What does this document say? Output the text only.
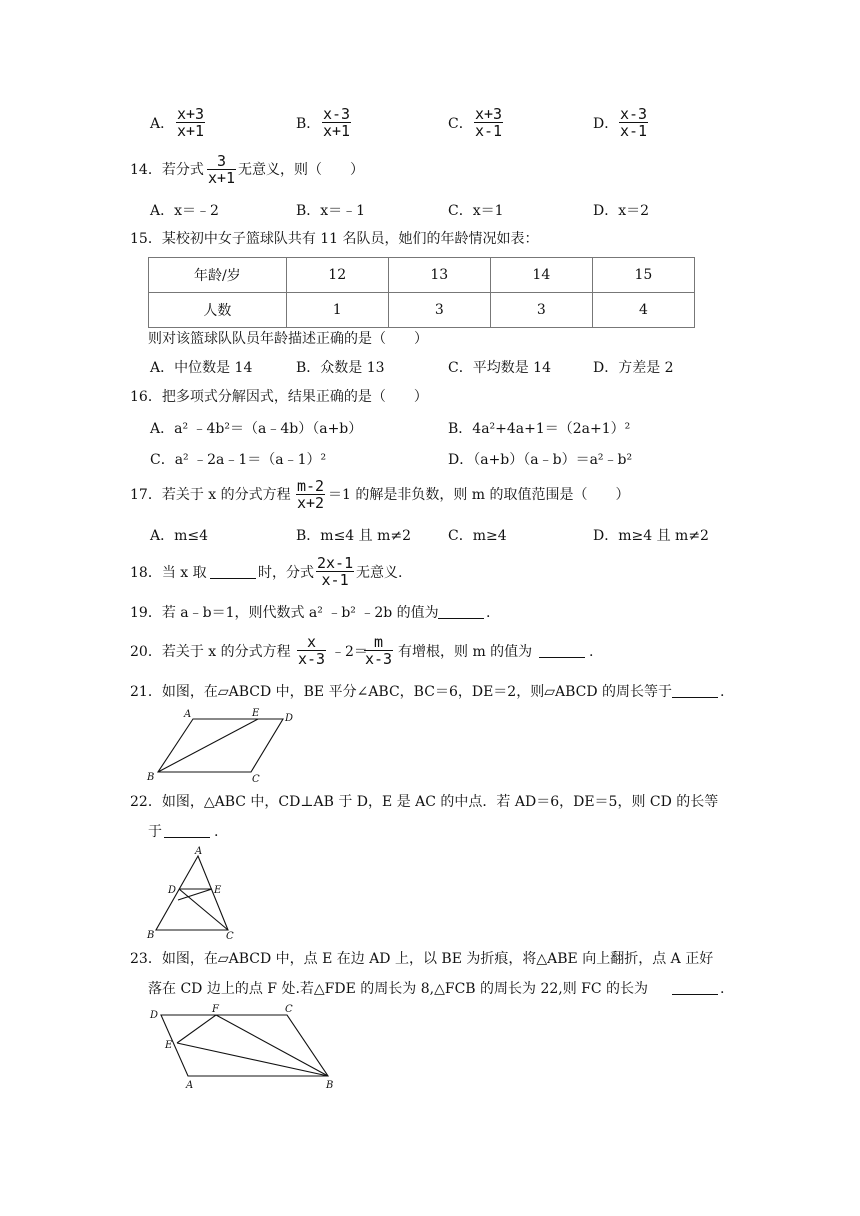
A． $\frac{x+3}{x+1}$	B． $\frac{x-3}{x+1}$	C． $\frac{x+3}{x-1}$	D． $\frac{x-3}{x-1}$
14．若分式 $\frac{3}{x+1}$ 无意义，则（　　）
A．x＝﹣2	B．x＝﹣1	C．x＝1	D．x＝2
15．某校初中女子篮球队共有 11 名队员，她们的年龄情况如表：
年龄/岁	12	13	14	15
人数	1	3	3	4
则对该篮球队队员年龄描述正确的是（　　）
A．中位数是 14	B．众数是 13	C．平均数是 14	D．方差是 2
16．把多项式分解因式，结果正确的是（　　）
A．a² ﹣4b²＝（a﹣4b）（a+b）	B．4a²+4a+1＝（2a+1）²
C．a² ﹣2a﹣1＝（a﹣1）²	D．（a+b）（a﹣b）＝a²﹣b²
17．若关于 x 的分式方程 $\frac{m-2}{x+2} =1$ 的解是非负数，则 m 的取值范围是（　　）
A．m≤4	B．m≤4 且 m≠2	C．m≥4	D．m≥4 且 m≠2
18．当 x 取	时，分式 $\frac{2x-1}{x-1}$ 无意义.
19．若 a﹣b＝1，则代数式 a² ﹣b² ﹣2b 的值为	.
20．若关于 x 的分式方程 $\frac{x}{x-3}$ ﹣2＝
$\frac{m}{x-3}$ 有增根，则 m 的值为	.
21．如图，在▱ABCD 中，BE 平分∠ABC，BC＝6，DE＝2，则▱ABCD 的周长等于	.
A	E	D
B	C
22．如图，△ABC 中，CD⊥AB 于 D，E 是 AC 的中点．若 AD＝6，DE＝5，则 CD 的长等
于	.
A
D	E
B	C
23．如图，在▱ABCD 中，点 E 在边 AD 上，以 BE 为折痕，将△ABE 向上翻折，点 A 正好
落在 CD 边上的点 F 处.若△FDE 的周长为 8,△FCB 的周长为 22,则 FC 的长为	.
D
F	C
E
A	B
